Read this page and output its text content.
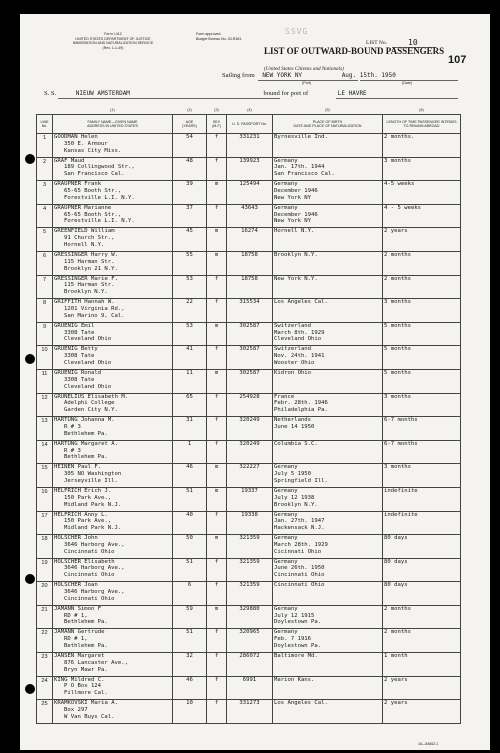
Form I-412
UNITED STATES DEPARTMENT OF JUSTICE
IMMIGRATION AND NATURALIZATION SERVICE
(Rev. 1-1-49)
Form approved.
Budget Bureau No. 43-R361.
SSVG
LIST No.	10
107
LIST OF OUTWARD-BOUND PASSENGERS
(United States Citizens and Nationals)
Sailing from NEW YORK NY	Aug. 15th. 1950
(Port)	(Date)
S. S.	NIEUW AMSTERDAM	bound for port of	LE HAVRE
	(1)	(2)	(3)	(4)	(5)	(6)
LINE No.	FAMILY NAME—GIVEN NAME
ADDRESS IN UNITED STATES	AGE
(YEARS)	SEX
(M-F)	U. S. PASSPORT No.	PLACE OF BIRTH
DATE AND PLACE OF NATURALIZATION	LENGTH OF TIME PASSENGER INTENDS TO REMAIN ABROAD

1	GOODMAN Helen
350 E. Armour
Kansas City Miss.	54	f	331231	Byrnesville Ind.	2 months.

2	GRAF Maud
189 Collingwood Str.,
San Francisco Cal.	48	f	139923	Germany
Jan. 17th. 1944
San Francisco Cal.	3 months

3	GRAUPNER Frank
65-65 Booth Str.,
Forestville L.I. N.Y.	39	m	125494	Germany
December 1946
New York NY	4-5 weeks

4	GRAUPNER Marianne
65-65 Booth Str.,
Forestville L.I. N.Y.	37	f	43643	Germany
December 1946
New York NY	4 - 5 weeks

5	GREENFIELD William
91 Church Str.,
Hornell N.Y.	45	m	16274	Hornell N.Y.	2 years

6	GRESSINGER Harry W.
115 Harman Str.
Brooklyn 21 N.Y.	55	m	18758	Brooklyn N.Y.	2 months

7	GRESSINGER Marie F.
115 Harman Str.
Brooklyn N.Y.	53	f	18758	New York N.Y.	2 months

8	GRIFFITH Hannah W.
1201 Virginia Rd.,
San Marino 9, Cal.	22	f	315534	Los Angeles Cal.	3 months

9	GRUENIG Emil
3308 Tate
Cleveland Ohio	53	m	302587	Switzerland
March 8th. 1929
Cleveland Ohio	5 months

10	GRUENIG Betty
3308 Tate
Cleveland Ohio	41	f	302587	Switzerland
Nov. 24th. 1941
Wooster Ohio	5 months

11	GRUENIG Ronald
3308 Tate
Cleveland Ohio	11	m	302587	Kidron Ohio	5 months

12	GRUNELIUS Elisabeth M.
Adelphi College
Garden City N.Y.	65	f	254928	France
Febr. 28th. 1946
Philadelphia Pa.	3 months

13	HARTUNG Johanna M.
R # 3
Bethlehem Pa.	31	f	320249	Netherlands
June 14 1950	6-7 months

14	HARTUNG Margaret A.
R # 3
Bethlehem Pa.	1	f	320249	Columbia S.C.	6-7 months

15	HEINEN Paul F.
305 NO Washington
Jerseyville Ill.	46	m	322227	Germany
July 5 1950
Springfield Ill.	3 months

16	HELFRICH Erich J.
150 Park Ave.,
Midland Park N.J.	51	m	19337	Germany
July 12 1938
Brooklyn N.Y.	indefinite

17	HELFRICH Anny L.
150 Park Ave.,
Midland Park N.J.	40	f	19338	Germany
Jan. 27th. 1947
Hackensack N.J.	indefinite

18	HOLSCHER John
3646 Harborg Ave.,
Cincinnati Ohio	50	m	321359	Germany
March 28th. 1929
Cicinnati Ohio	80 days

19	HOLSCHER Elisabeth
3646 Harborg Ave.,
Cincinnati Ohio	51	f	321359	Germany
June 26th. 1950
Cincinnati Ohio	80 days

20	HOLSCHER Joan
3646 Harborg Ave.,
Cincinnati Ohio	6	f	321359	Cincinnati Ohio	80 days

21	JAMANN Simon F
RD # 1,
Bethlehem Pa.	59	m	329880	Germany
July 12 1915
Doylestown Pa.	2 months

22	JAMANN Gertrude
RD # 1,
Bethlehem Pa.	51	f	320965	Germany
Feb. 7 1916
Doylestown Pa.	2 months

23	JANSEN Margaret
876 Lancaster Ave.,
Bryn Mawr Pa.	32	f	286072	Baltimore Md.	1 month

24	KING Mildred C.
P O Box 124
Fillmore Cal.	46	f	6991	Marion Kans.	2 years

25	KRAMKOVSKI Maria A.
Box 297
W Van Buys Cal.	10	f	331273	Los Angeles Cal.	2 years
16—84662-1
